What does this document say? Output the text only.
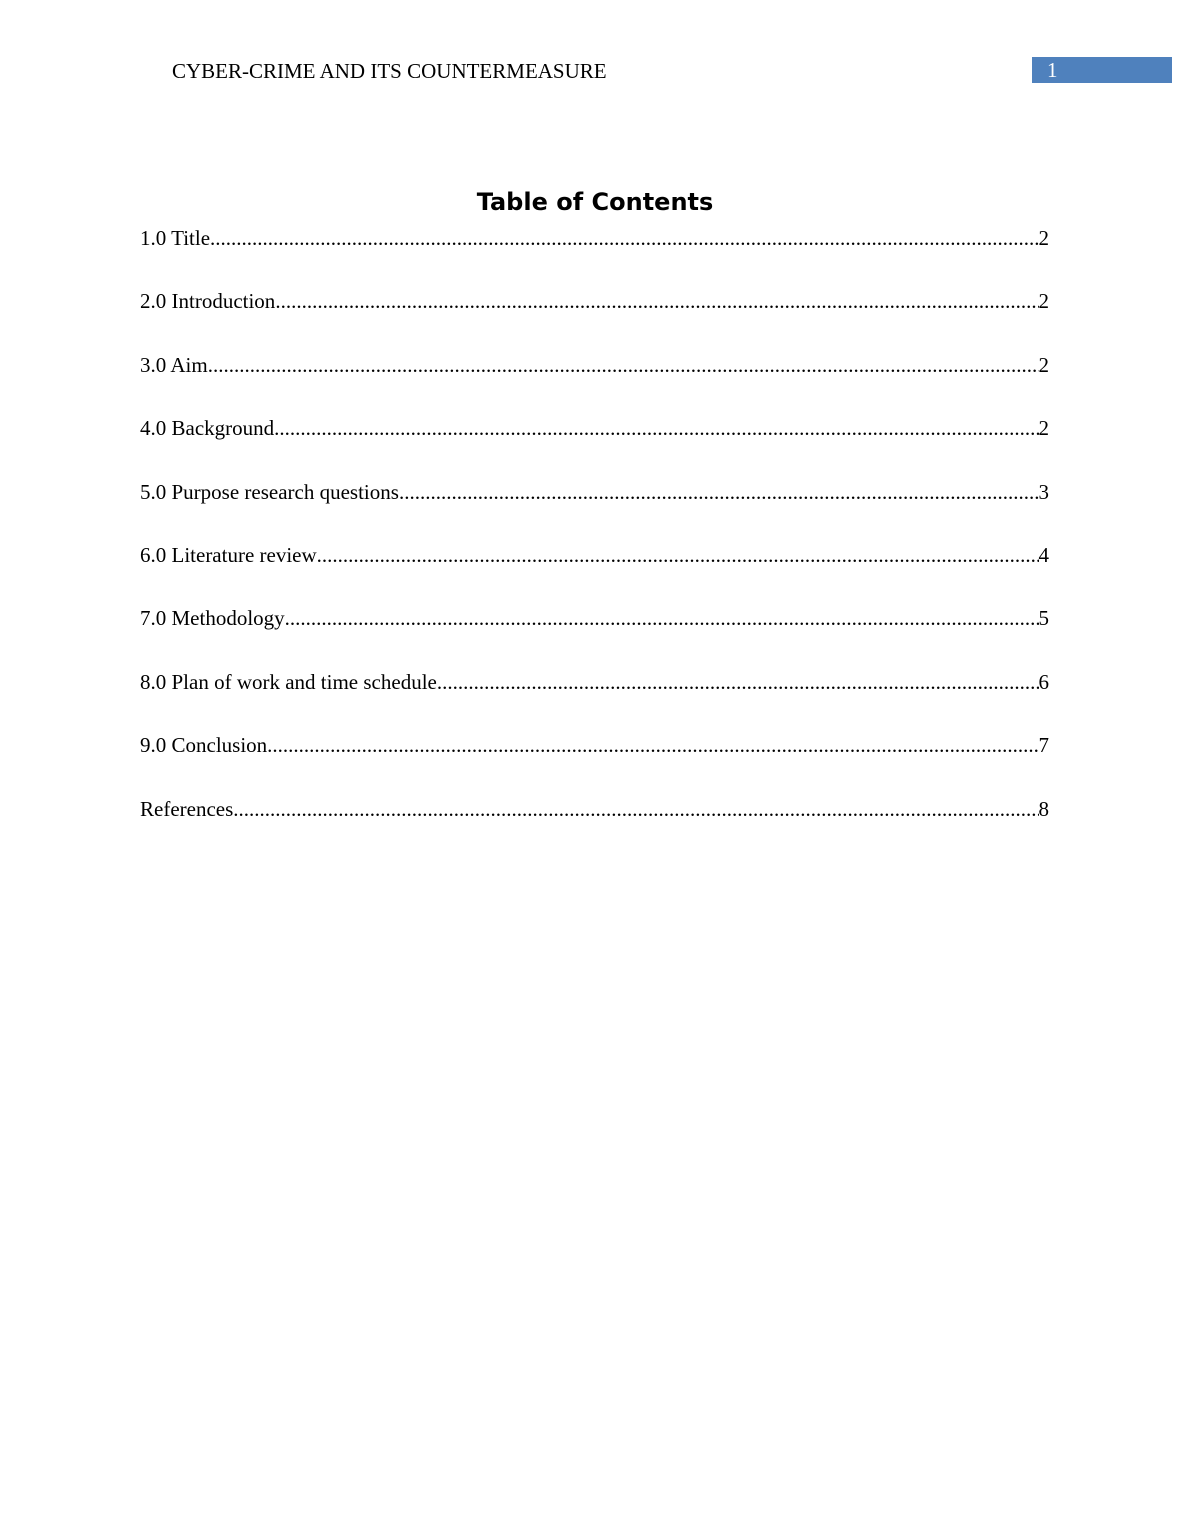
CYBER-CRIME AND ITS COUNTERMEASURE	1
Table of Contents
1.0 Title .....	2
2.0 Introduction .....	2
3.0 Aim .....	2
4.0 Background .....	2
5.0 Purpose research questions .....	3
6.0 Literature review .....	4
7.0 Methodology .....	5
8.0 Plan of work and time schedule .....	6
9.0 Conclusion .....	7
References .....	8
